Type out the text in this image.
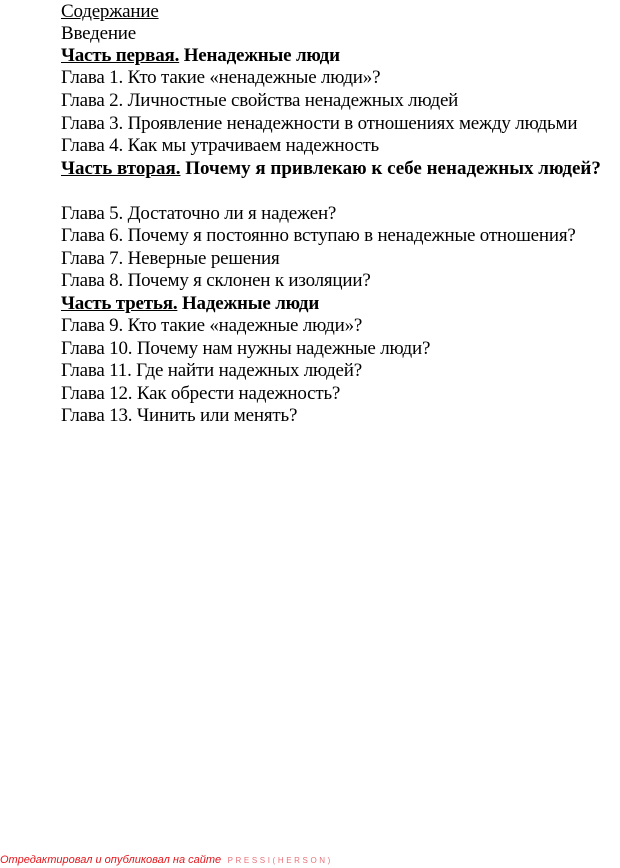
Содержание
Введение
Часть первая. Ненадежные люди
Глава 1. Кто такие «ненадежные люди»?
Глава 2. Личностные свойства ненадежных людей
Глава 3. Проявление ненадежности в отношениях между людьми
Глава 4. Как мы утрачиваем надежность
Часть вторая. Почему я привлекаю к себе ненадежных людей?
Глава 5. Достаточно ли я надежен?
Глава 6. Почему я постоянно вступаю в ненадежные отношения?
Глава 7. Неверные решения
Глава 8. Почему я склонен к изоляции?
Часть третья. Надежные люди
Глава 9. Кто такие «надежные люди»?
Глава 10. Почему нам нужны надежные люди?
Глава 11. Где найти надежных людей?
Глава 12. Как обрести надежность?
Глава 13. Чинить или менять?
Отредактировал и опубликовал на сайте PRESSI(HERSON)
